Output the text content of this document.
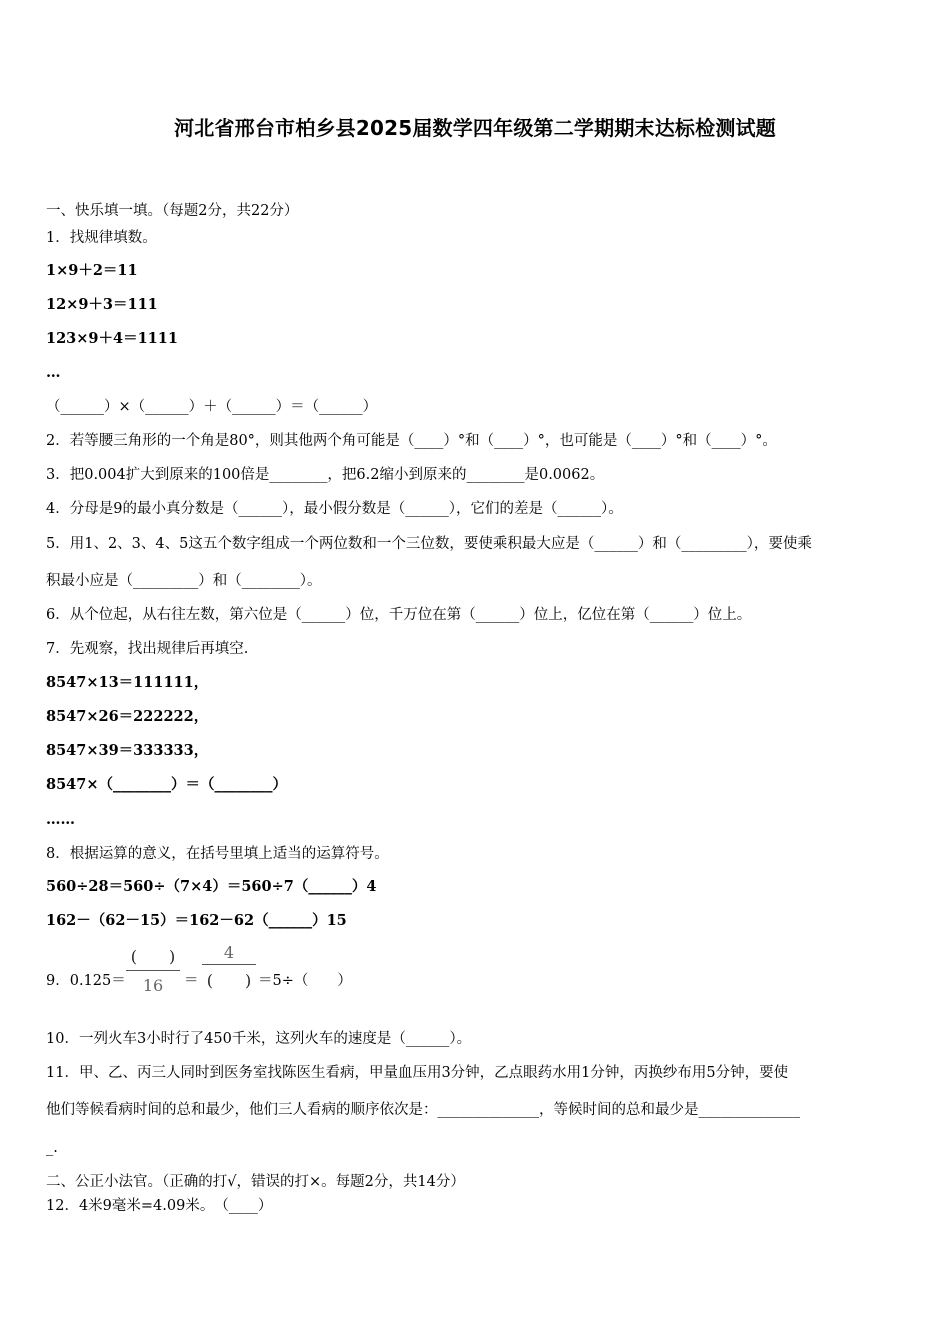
河北省邢台市柏乡县2025届数学四年级第二学期期末达标检测试题
一、快乐填一填。（每题2分，共22分）
1．找规律填数。
1×9＋2＝11
12×9＋3＝111
123×9＋4＝1111
…
（______）×（______）＋（______）＝（______）
2．若等腰三角形的一个角是80°，则其他两个角可能是（____）°和（____）°，也可能是（____）°和（____）°。
3．把0.004扩大到原来的100倍是________，把6.2缩小到原来的________是0.0062。
4．分母是9的最小真分数是（______），最小假分数是（______），它们的差是（______）。
5．用1、2、3、4、5这五个数字组成一个两位数和一个三位数，要使乘积最大应是（______）和（_________），要使乘
积最小应是（_________）和（________）。
6．从个位起，从右往左数，第六位是（______）位，千万位在第（______）位上，亿位在第（______）位上。
7．先观察，找出规律后再填空.
8547×13＝111111，
8547×26＝222222，
8547×39＝333333，
8547×（________）＝（________）
……
8．根据运算的意义，在括号里填上适当的运算符号。
560÷28＝560÷（7×4）＝560÷7（______）4
162－（62－15）＝162－62（______）15
9．0.125＝
(　　)
16	＝
4
(　　) ＝5÷（　　）
10．一列火车3小时行了450千米，这列火车的速度是（______）。
11．甲、乙、丙三人同时到医务室找陈医生看病，甲量血压用3分钟，乙点眼药水用1分钟，丙换纱布用5分钟，要使
他们等候看病时间的总和最少，他们三人看病的顺序依次是：______________，等候时间的总和最少是______________
_.
二、公正小法官。（正确的打√，错误的打×。每题2分，共14分）
12．4米9毫米=4.09米。　（____）
